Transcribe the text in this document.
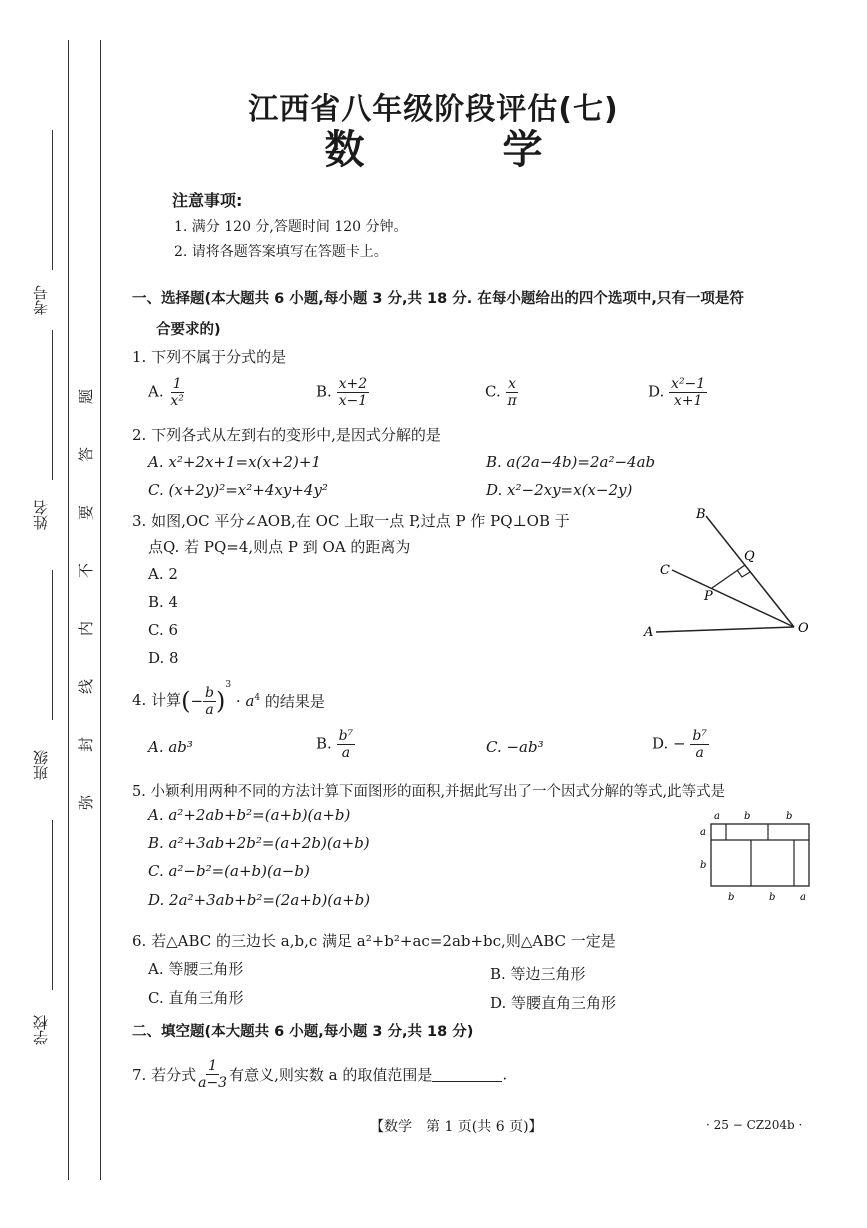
考号
姓名
班级
学校
题
答
要
不
内
线
封
弥
江西省八年级阶段评估(七)
数 学
注意事项:
1. 满分 120 分,答题时间 120 分钟。
2. 请将各题答案填写在答题卡上。
一、选择题(本大题共 6 小题,每小题 3 分,共 18 分. 在每小题给出的四个选项中,只有一项是符
合要求的)
1. 下列不属于分式的是
A. $\frac{1}{\text{x²}}$	B. $\frac{x+2}{x-1}$	C. $\frac{x}{\pi}$	D. $\frac{\text{x²−1}}{x+1}$
2. 下列各式从左到右的变形中,是因式分解的是
A. x²+2x+1=x(x+2)+1	B. a(2a−4b)=2a²−4ab
C. (x+2y)²=x²+4xy+4y²	D. x²−2xy=x(x−2y)
3. 如图,OC 平分∠AOB,在 OC 上取一点 P,过点 P 作 PQ⊥OB 于
点Q. 若 PQ=4,则点 P 到 OA 的距离为
A. 2
B. 4
C. 6
D. 8
B
C
A	O
P
Q
4. 计算(− $\frac{b}{a} )^3 \cdot a^4$ 的结果是
A. ab³	B. $\frac{\text{b⁷}}{a}$	C. −ab³	D. − $\frac{\text{b⁷}}{a}$
5. 小颖利用两种不同的方法计算下面图形的面积,并据此写出了一个因式分解的等式,此等式是
A. a²+2ab+b²=(a+b)(a+b)
B. a²+3ab+2b²=(a+2b)(a+b)
C. a²−b²=(a+b)(a−b)
D. 2a²+3ab+b²=(2a+b)(a+b)
a b	b
a
b
b	b a
6. 若△ABC 的三边长 a,b,c 满足 a²+b²+ac=2ab+bc,则△ABC 一定是
A. 等腰三角形	B. 等边三角形
C. 直角三角形	D. 等腰直角三角形
二、填空题(本大题共 6 小题,每小题 3 分,共 18 分)
7. 若分式 $\frac{1}{a-3}$ 有意义,则实数 a 的取值范围是	.
【数学　第 1 页(共 6 页)】	· 25 − CZ204b ·
